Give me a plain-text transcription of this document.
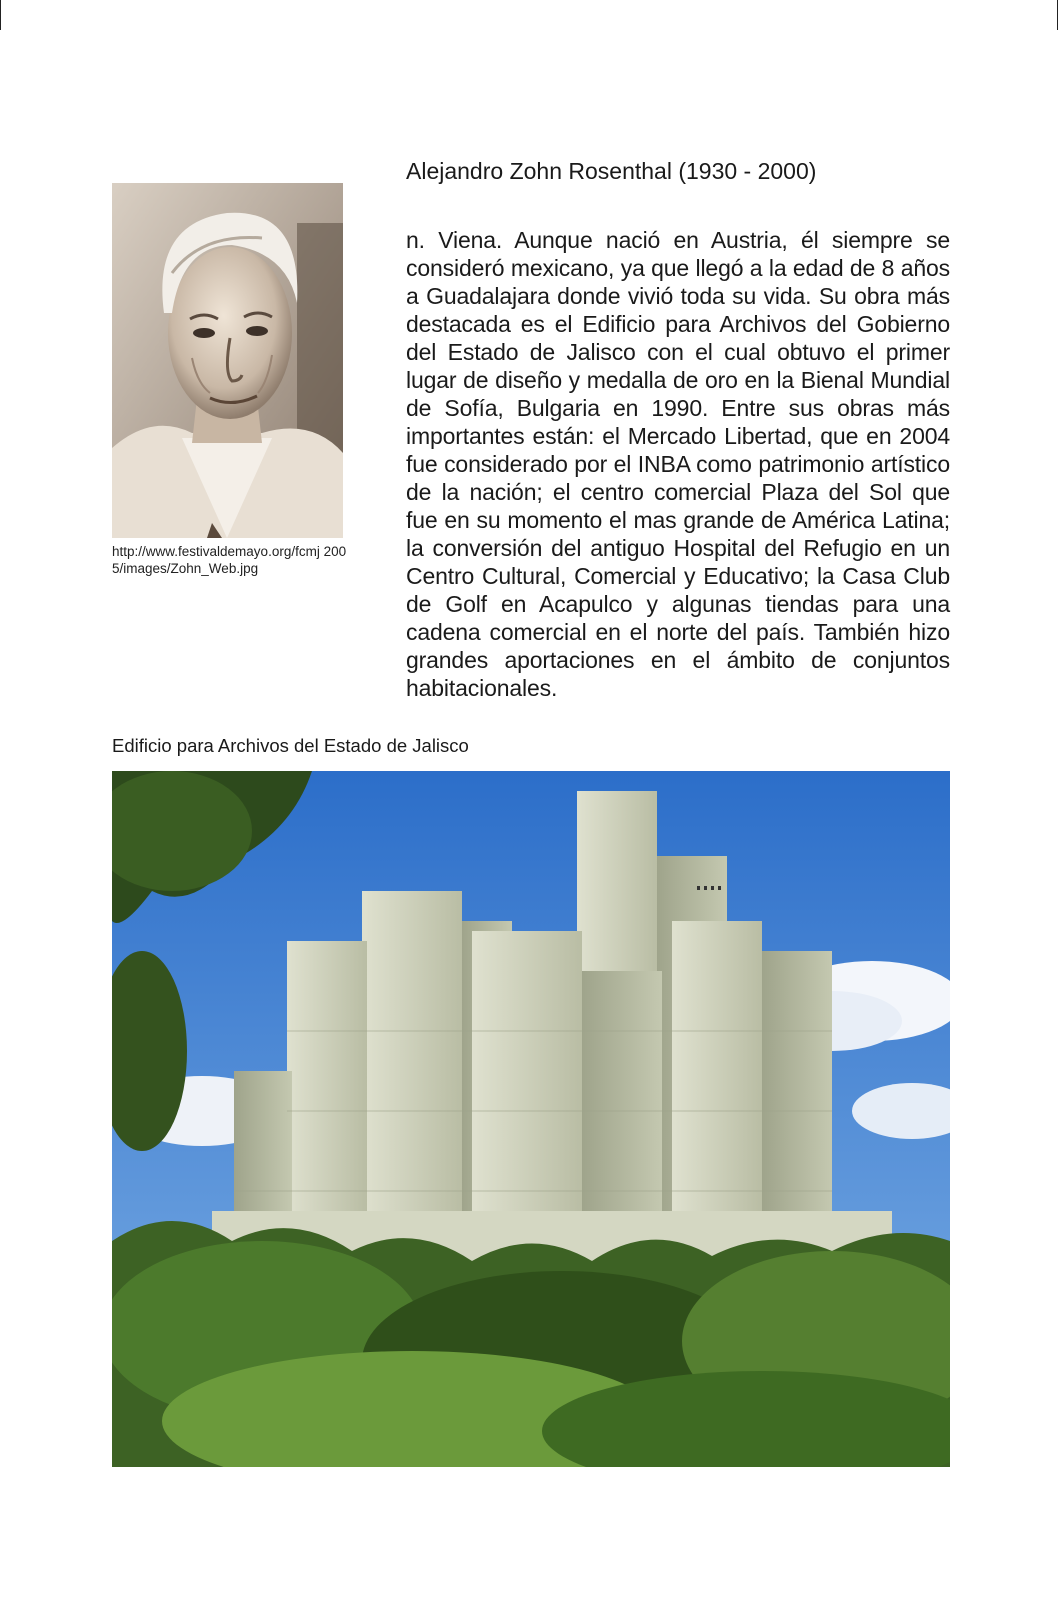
Alejandro Zohn Rosenthal (1930 - 2000)
http://www.festivaldemayo.org/fcmj 2005/images/Zohn_Web.jpg

n. Viena. Aunque nació en Austria, él siempre se consideró mexicano, ya que llegó a la edad de 8 años a Guadalajara donde vivió toda su vida. Su obra más destacada es el Edificio para Archivos del Gobierno del Estado de Jalisco con el cual obtuvo el primer lugar de diseño y medalla de oro en la Bienal Mundial de Sofía, Bulgaria en 1990. Entre sus obras más importantes están: el Mercado Libertad, que en 2004 fue considerado por el INBA como patrimonio artístico de la nación; el centro comercial Plaza del Sol que fue en su momento el mas grande de América Latina; la conversión del antiguo Hospital del Refugio en un Centro Cultural, Comercial y Educativo; la Casa Club de Golf en Acapulco y algunas tiendas para una cadena comercial en el norte del país. También hizo grandes aportaciones en el ámbito de conjuntos habitacionales.

Edificio para Archivos del Estado de Jalisco
